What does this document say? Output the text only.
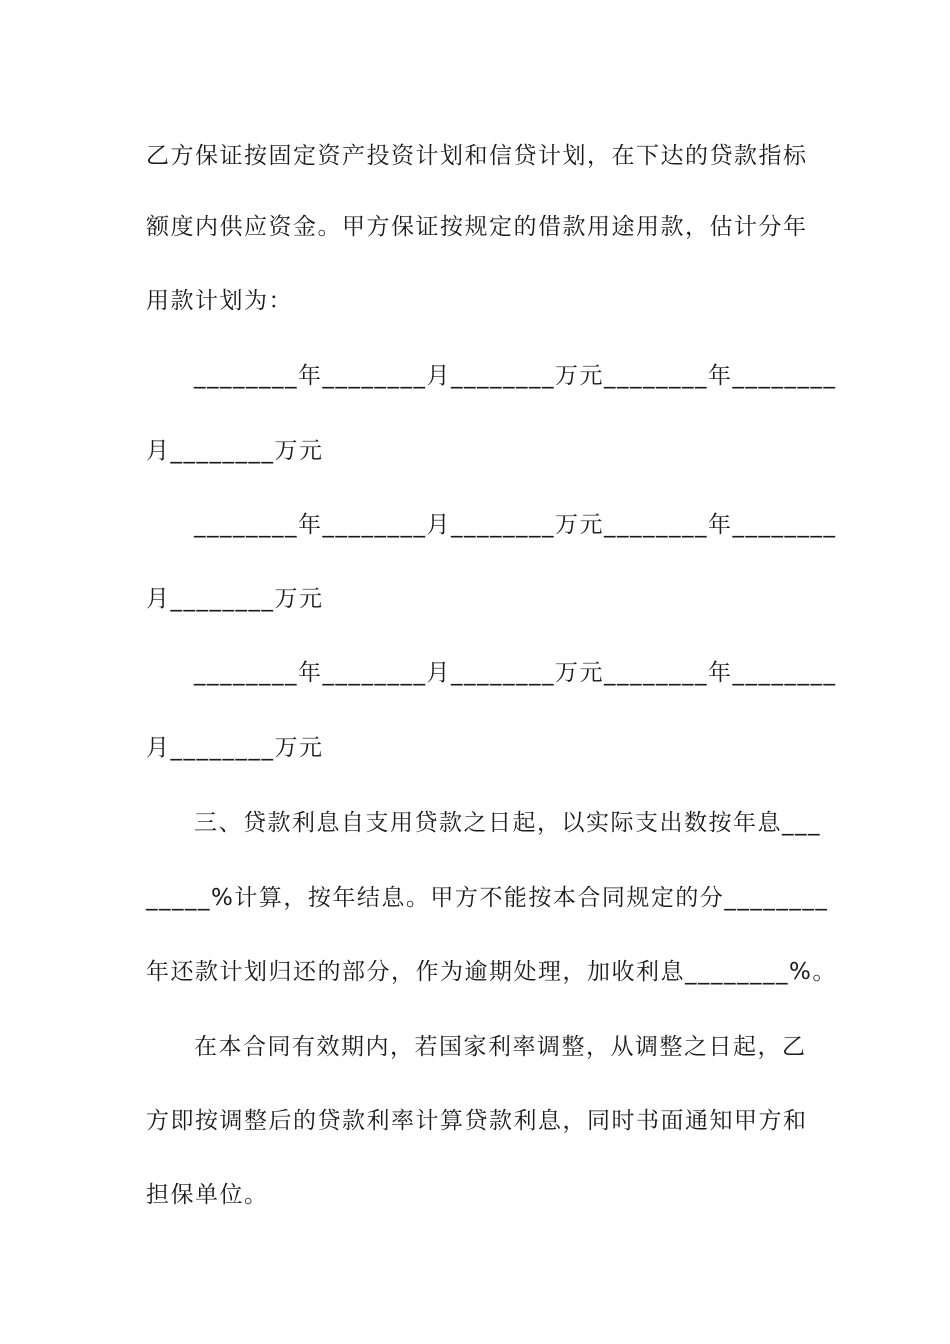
乙方保证按固定资产投资计划和信贷计划，在下达的贷款指标
额度内供应资金。甲方保证按规定的借款用途用款，估计分年
用款计划为：
________年________月________万元________年________
月________万元
________年________月________万元________年________
月________万元
________年________月________万元________年________
月________万元
三、贷款利息自支用贷款之日起，以实际支出数按年息___
_____%计算，按年结息。甲方不能按本合同规定的分________
年还款计划归还的部分，作为逾期处理，加收利息________%。
在本合同有效期内，若国家利率调整，从调整之日起，乙
方即按调整后的贷款利率计算贷款利息，同时书面通知甲方和
担保单位。
